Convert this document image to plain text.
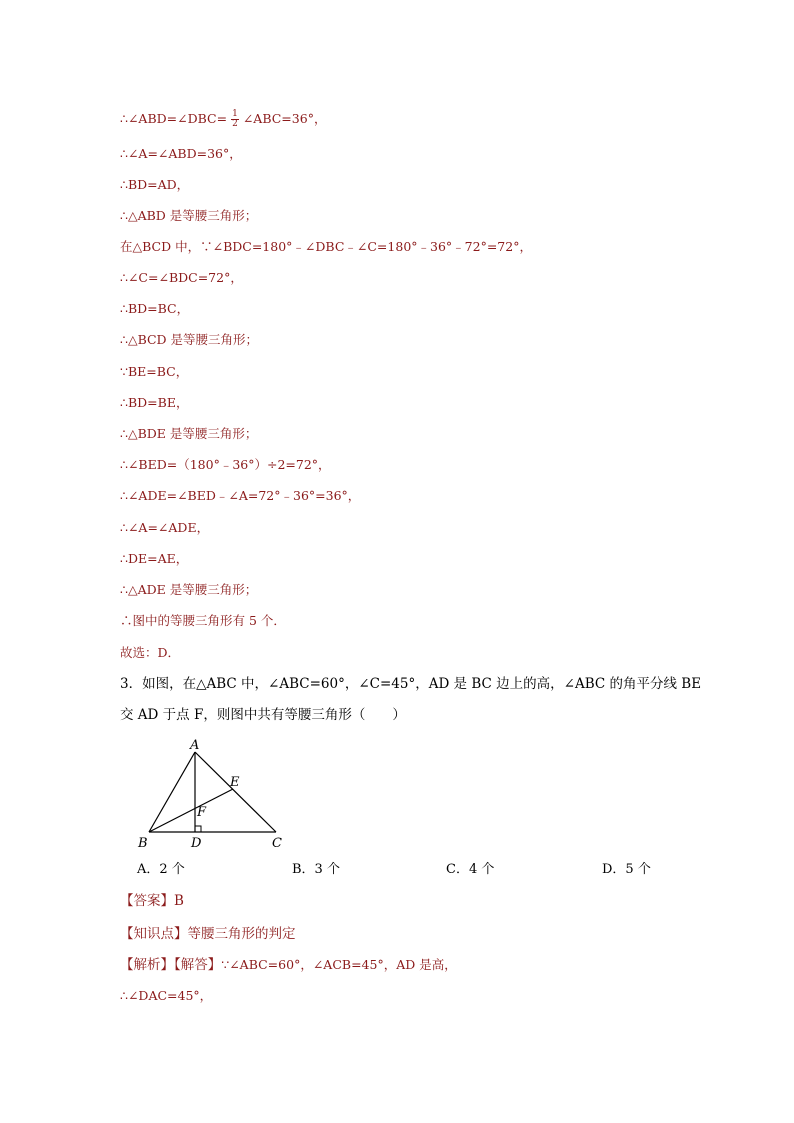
∴∠ABD=∠DBC= $\frac{1}{2}$ ∠ABC=36°，
∴∠A=∠ABD=36°，
∴BD=AD，
∴△ABD 是等腰三角形；
在△BCD 中，∵∠BDC=180°﹣∠DBC﹣∠C=180°﹣36°﹣72°=72°，
∴∠C=∠BDC=72°，
∴BD=BC，
∴△BCD 是等腰三角形；
∵BE=BC，
∴BD=BE，
∴△BDE 是等腰三角形；
∴∠BED=（180°﹣36°）÷2=72°，
∴∠ADE=∠BED﹣∠A=72°﹣36°=36°，
∴∠A=∠ADE，
∴DE=AE，
∴△ADE 是等腰三角形；
∴图中的等腰三角形有 5 个．
故选：D．
3．如图，在△ABC 中，∠ABC=60°，∠C=45°，AD 是 BC 边上的高，∠ABC 的角平分线 BE
交 AD 于点 F，则图中共有等腰三角形（　　）
A
B	C
D
E
F
A．2 个	B．3 个	C．4 个	D．5 个
【答案】B
【知识点】等腰三角形的判定
【解析】【解答】∵∠ABC=60°，∠ACB=45°，AD 是高，
∴∠DAC=45°，
